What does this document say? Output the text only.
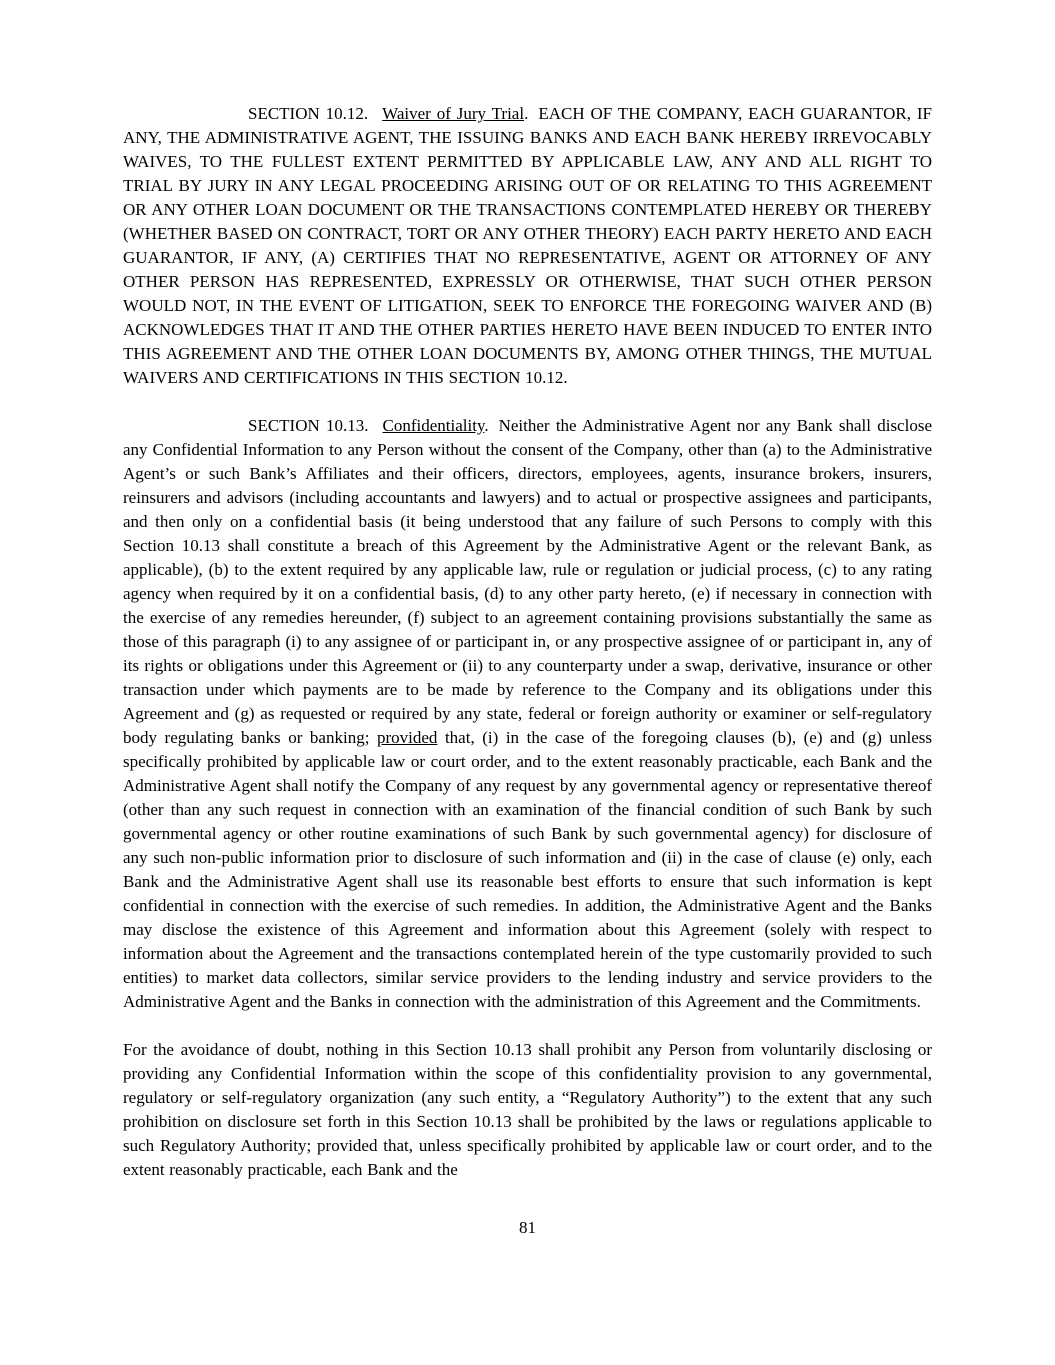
SECTION 10.12. Waiver of Jury Trial. EACH OF THE COMPANY, EACH GUARANTOR, IF ANY, THE ADMINISTRATIVE AGENT, THE ISSUING BANKS AND EACH BANK HEREBY IRREVOCABLY WAIVES, TO THE FULLEST EXTENT PERMITTED BY APPLICABLE LAW, ANY AND ALL RIGHT TO TRIAL BY JURY IN ANY LEGAL PROCEEDING ARISING OUT OF OR RELATING TO THIS AGREEMENT OR ANY OTHER LOAN DOCUMENT OR THE TRANSACTIONS CONTEMPLATED HEREBY OR THEREBY (WHETHER BASED ON CONTRACT, TORT OR ANY OTHER THEORY) EACH PARTY HERETO AND EACH GUARANTOR, IF ANY, (A) CERTIFIES THAT NO REPRESENTATIVE, AGENT OR ATTORNEY OF ANY OTHER PERSON HAS REPRESENTED, EXPRESSLY OR OTHERWISE, THAT SUCH OTHER PERSON WOULD NOT, IN THE EVENT OF LITIGATION, SEEK TO ENFORCE THE FOREGOING WAIVER AND (B) ACKNOWLEDGES THAT IT AND THE OTHER PARTIES HERETO HAVE BEEN INDUCED TO ENTER INTO THIS AGREEMENT AND THE OTHER LOAN DOCUMENTS BY, AMONG OTHER THINGS, THE MUTUAL WAIVERS AND CERTIFICATIONS IN THIS SECTION 10.12.

SECTION 10.13. Confidentiality. Neither the Administrative Agent nor any Bank shall disclose any Confidential Information to any Person without the consent of the Company, other than (a) to the Administrative Agent’s or such Bank’s Affiliates and their officers, directors, employees, agents, insurance brokers, insurers, reinsurers and advisors (including accountants and lawyers) and to actual or prospective assignees and participants, and then only on a confidential basis (it being understood that any failure of such Persons to comply with this Section 10.13 shall constitute a breach of this Agreement by the Administrative Agent or the relevant Bank, as applicable), (b) to the extent required by any applicable law, rule or regulation or judicial process, (c) to any rating agency when required by it on a confidential basis, (d) to any other party hereto, (e) if necessary in connection with the exercise of any remedies hereunder, (f) subject to an agreement containing provisions substantially the same as those of this paragraph (i) to any assignee of or participant in, or any prospective assignee of or participant in, any of its rights or obligations under this Agreement or (ii) to any counterparty under a swap, derivative, insurance or other transaction under which payments are to be made by reference to the Company and its obligations under this Agreement and (g) as requested or required by any state, federal or foreign authority or examiner or self-regulatory body regulating banks or banking; provided that, (i) in the case of the foregoing clauses (b), (e) and (g) unless specifically prohibited by applicable law or court order, and to the extent reasonably practicable, each Bank and the Administrative Agent shall notify the Company of any request by any governmental agency or representative thereof (other than any such request in connection with an examination of the financial condition of such Bank by such governmental agency or other routine examinations of such Bank by such governmental agency) for disclosure of any such non-public information prior to disclosure of such information and (ii) in the case of clause (e) only, each Bank and the Administrative Agent shall use its reasonable best efforts to ensure that such information is kept confidential in connection with the exercise of such remedies. In addition, the Administrative Agent and the Banks may disclose the existence of this Agreement and information about this Agreement (solely with respect to information about the Agreement and the transactions contemplated herein of the type customarily provided to such entities) to market data collectors, similar service providers to the lending industry and service providers to the Administrative Agent and the Banks in connection with the administration of this Agreement and the Commitments.

For the avoidance of doubt, nothing in this Section 10.13 shall prohibit any Person from voluntarily disclosing or providing any Confidential Information within the scope of this confidentiality provision to any governmental, regulatory or self-regulatory organization (any such entity, a “Regulatory Authority”) to the extent that any such prohibition on disclosure set forth in this Section 10.13 shall be prohibited by the laws or regulations applicable to such Regulatory Authority; provided that, unless specifically prohibited by applicable law or court order, and to the extent reasonably practicable, each Bank and the

81
